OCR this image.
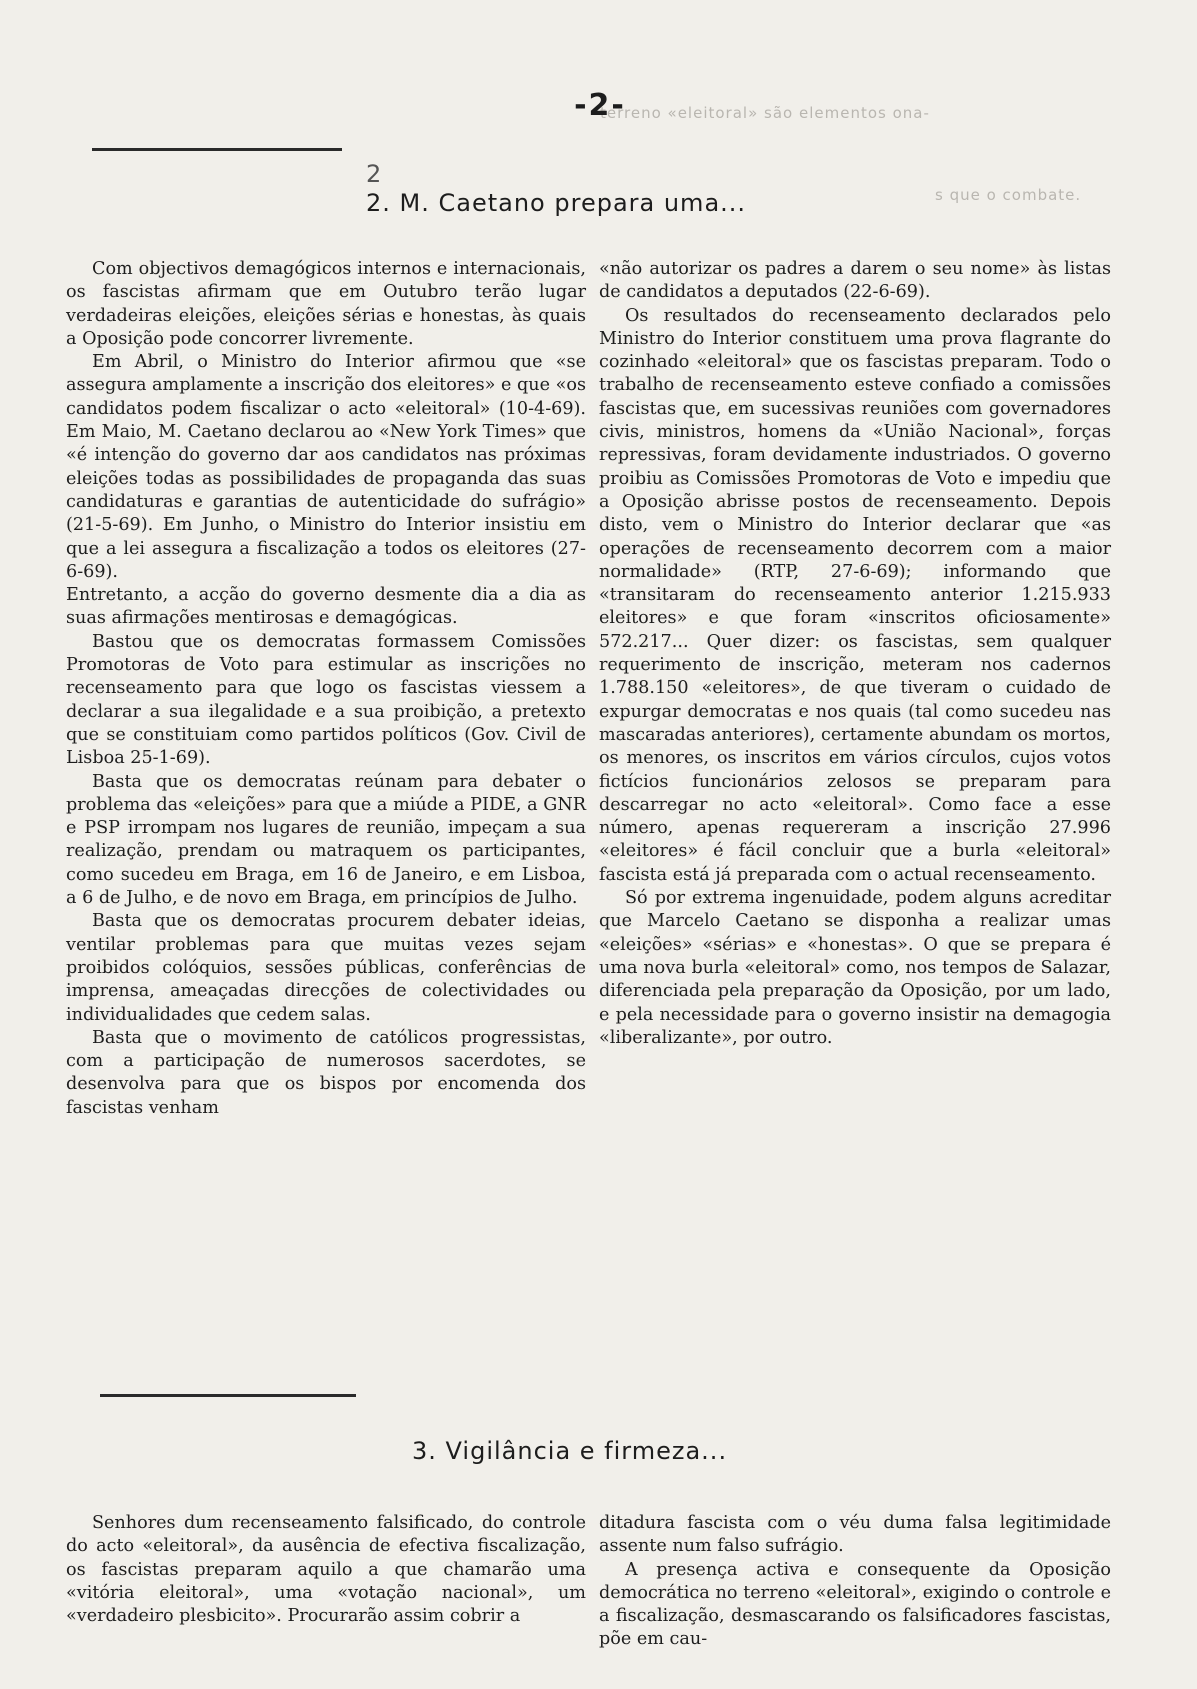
terreno «eleitoral» são elementos ona-
s que o combate.
-2-
2
2. M. Caetano prepara uma...

Com objectivos demagógicos internos e internacionais, os fascistas afirmam que em Outubro terão lugar verdadeiras eleições, eleições sérias e honestas, às quais a Oposição pode concorrer livremente.

Em Abril, o Ministro do Interior afirmou que «se assegura amplamente a inscrição dos eleitores» e que «os candidatos podem fiscalizar o acto «eleitoral» (10-4-69). Em Maio, M. Caetano declarou ao «New York Times» que «é intenção do governo dar aos candidatos nas próximas eleições todas as possibilidades de propaganda das suas candidaturas e garantias de autenticidade do sufrágio» (21-5-69). Em Junho, o Ministro do Interior insistiu em que a lei assegura a fiscalização a todos os eleitores (27-6-69).

Entretanto, a acção do governo desmente dia a dia as suas afirmações mentirosas e demagógicas.

Bastou que os democratas formassem Comissões Promotoras de Voto para estimular as inscrições no recenseamento para que logo os fascistas viessem a declarar a sua ilegalidade e a sua proibição, a pretexto que se constituiam como partidos políticos (Gov. Civil de Lisboa 25-1-69).

Basta que os democratas reúnam para debater o problema das «eleições» para que a miúde a PIDE, a GNR e PSP irrompam nos lugares de reunião, impeçam a sua realização, prendam ou matraquem os participantes, como sucedeu em Braga, em 16 de Janeiro, e em Lisboa, a 6 de Julho, e de novo em Braga, em princípios de Julho.

Basta que os democratas procurem debater ideias, ventilar problemas para que muitas vezes sejam proibidos colóquios, sessões públicas, conferências de imprensa, ameaçadas direcções de colectividades ou individualidades que cedem salas.

Basta que o movimento de católicos progressistas, com a participação de numerosos sacerdotes, se desenvolva para que os bispos por encomenda dos fascistas venham

«não autorizar os padres a darem o seu nome» às listas de candidatos a deputados (22-6-69).

Os resultados do recenseamento declarados pelo Ministro do Interior constituem uma prova flagrante do cozinhado «eleitoral» que os fascistas preparam. Todo o trabalho de recenseamento esteve confiado a comissões fascistas que, em sucessivas reuniões com governadores civis, ministros, homens da «União Nacional», forças repressivas, foram devidamente industriados. O governo proibiu as Comissões Promotoras de Voto e impediu que a Oposição abrisse postos de recenseamento. Depois disto, vem o Ministro do Interior declarar que «as operações de recenseamento decorrem com a maior normalidade» (RTP, 27-6-69); informando que «transitaram do recenseamento anterior 1.215.933 eleitores» e que foram «inscritos oficiosamente» 572.217... Quer dizer: os fascistas, sem qualquer requerimento de inscrição, meteram nos cadernos 1.788.150 «eleitores», de que tiveram o cuidado de expurgar democratas e nos quais (tal como sucedeu nas mascaradas anteriores), certamente abundam os mortos, os menores, os inscritos em vários círculos, cujos votos fictícios funcionários zelosos se preparam para descarregar no acto «eleitoral». Como face a esse número, apenas requereram a inscrição 27.996 «eleitores» é fácil concluir que a burla «eleitoral» fascista está já preparada com o actual recenseamento.

Só por extrema ingenuidade, podem alguns acreditar que Marcelo Caetano se disponha a realizar umas «eleições» «sérias» e «honestas». O que se prepara é uma nova burla «eleitoral» como, nos tempos de Salazar, diferenciada pela preparação da Oposição, por um lado, e pela necessidade para o governo insistir na demagogia «liberalizante», por outro.

3. Vigilância e firmeza...

Senhores dum recenseamento falsificado, do controle do acto «eleitoral», da ausência de efectiva fiscalização, os fascistas preparam aquilo a que chamarão uma «vitória eleitoral», uma «votação nacional», um «verdadeiro plesbicito». Procurarão assim cobrir a

ditadura fascista com o véu duma falsa legitimidade assente num falso sufrágio.

A presença activa e consequente da Oposição democrática no terreno «eleitoral», exigindo o controle e a fiscalização, desmascarando os falsificadores fascistas, põe em cau-
